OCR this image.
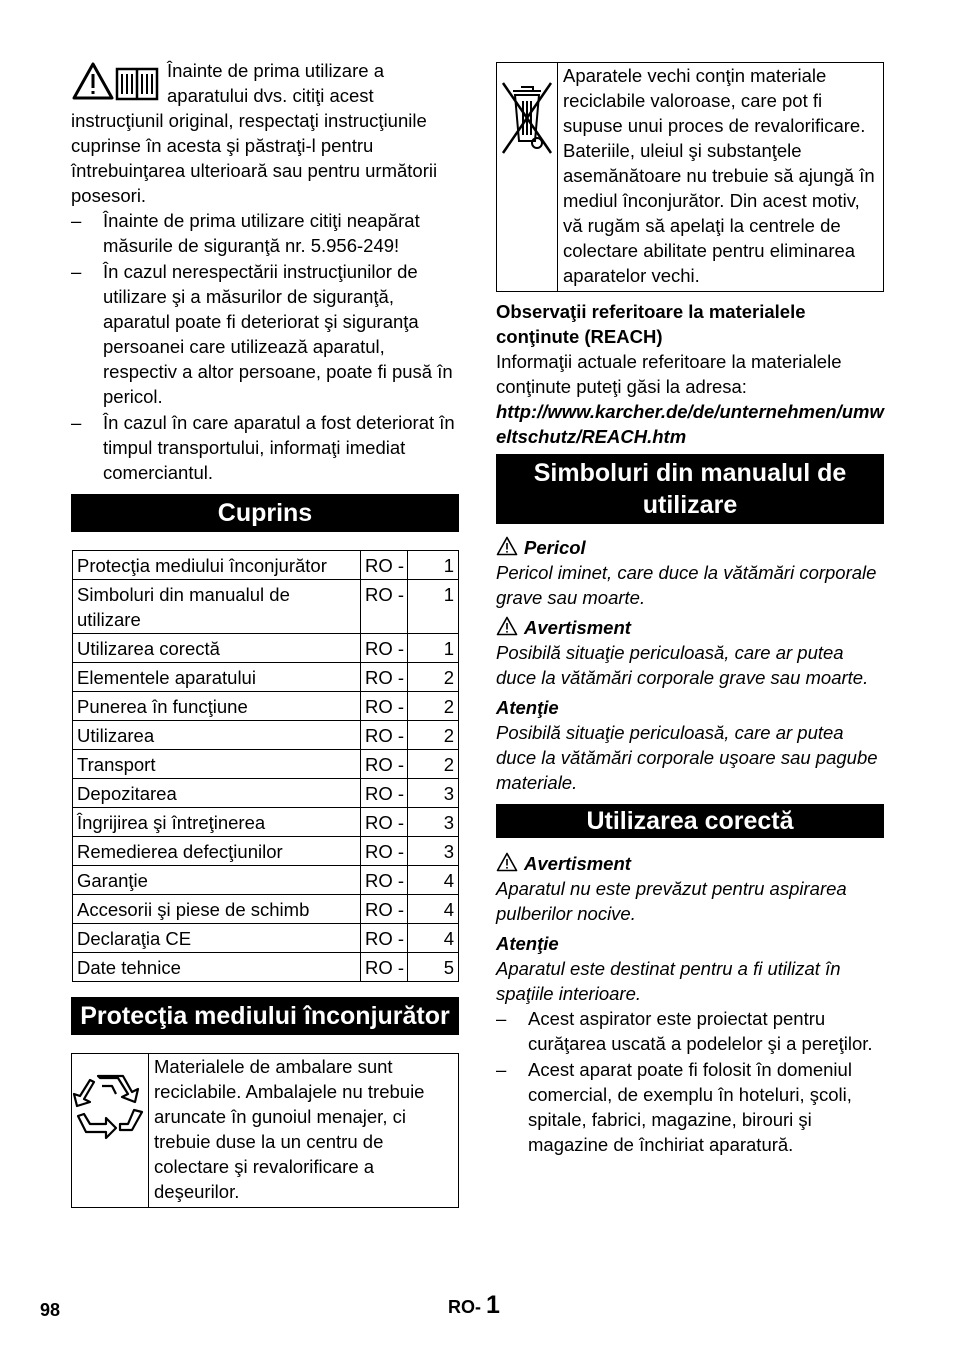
Înainte de prima utilizare a aparatului dvs. citiţi acest instrucţiunil original, respectaţi instrucţiunile cuprinse în acesta şi păstraţi-l pentru întrebuinţarea ulterioară sau pentru următorii posesori.

– Înainte de prima utilizare citiţi neapărat măsurile de siguranţă nr. 5.956-249!

– În cazul nerespectării instrucţiunilor de utilizare şi a măsurilor de siguranţă, aparatul poate fi deteriorat şi siguranţa persoanei care utilizează aparatul, respectiv a altor persoane, poate fi pusă în pericol.

– În cazul în care aparatul a fost deteriorat în timpul transportului, informaţi imediat comerciantul.

Cuprins
Protecţia mediului înconjurător	RO -	1
Simboluri din manualul de utilizare	RO -	1
Utilizarea corectă	RO -	1
Elementele aparatului	RO -	2
Punerea în funcţiune	RO -	2
Utilizarea	RO -	2
Transport	RO -	2
Depozitarea	RO -	3
Îngrijirea şi întreţinerea	RO -	3
Remedierea defecţiunilor	RO -	3
Garanţie	RO -	4
Accesorii şi piese de schimb	RO -	4
Declaraţia CE	RO -	4
Date tehnice	RO -	5
Protecţia mediului înconjurător
Materialele de ambalare sunt reciclabile. Ambalajele nu trebuie aruncate în gunoiul menajer, ci trebuie duse la un centru de colectare şi revalorificare a deşeurilor.
Aparatele vechi conţin materiale reciclabile valoroase, care pot fi supuse unui proces de revalorificare. Bateriile, uleiul şi substanţele asemănătoare nu trebuie să ajungă în mediul înconjurător. Din acest motiv, vă rugăm să apelaţi la centrele de colectare abilitate pentru eliminarea aparatelor vechi.

Observaţii referitoare la materialele conţinute (REACH)

Informaţii actuale referitoare la materialele conţinute puteţi găsi la adresa:

http://www.karcher.de/de/unternehmen/umweltschutz/REACH.htm

Simboluri din manualul de utilizare

Pericol

Pericol iminet, care duce la vătămări corporale grave sau moarte.

Avertisment

Posibilă situaţie periculoasă, care ar putea duce la vătămări corporale grave sau moarte.

Atenţie

Posibilă situaţie periculoasă, care ar putea duce la vătămări corporale uşoare sau pagube materiale.

Utilizarea corectă

Avertisment

Aparatul nu este prevăzut pentru aspirarea pulberilor nocive.

Atenţie

Aparatul este destinat pentru a fi utilizat în spaţiile interioare.

– Acest aspirator este proiectat pentru curăţarea uscată a podelelor şi a pereţilor.

– Acest aparat poate fi folosit în domeniul comercial, de exemplu în hoteluri, şcoli, spitale, fabrici, magazine, birouri şi magazine de închiriat aparatură.

98	RO- 1
